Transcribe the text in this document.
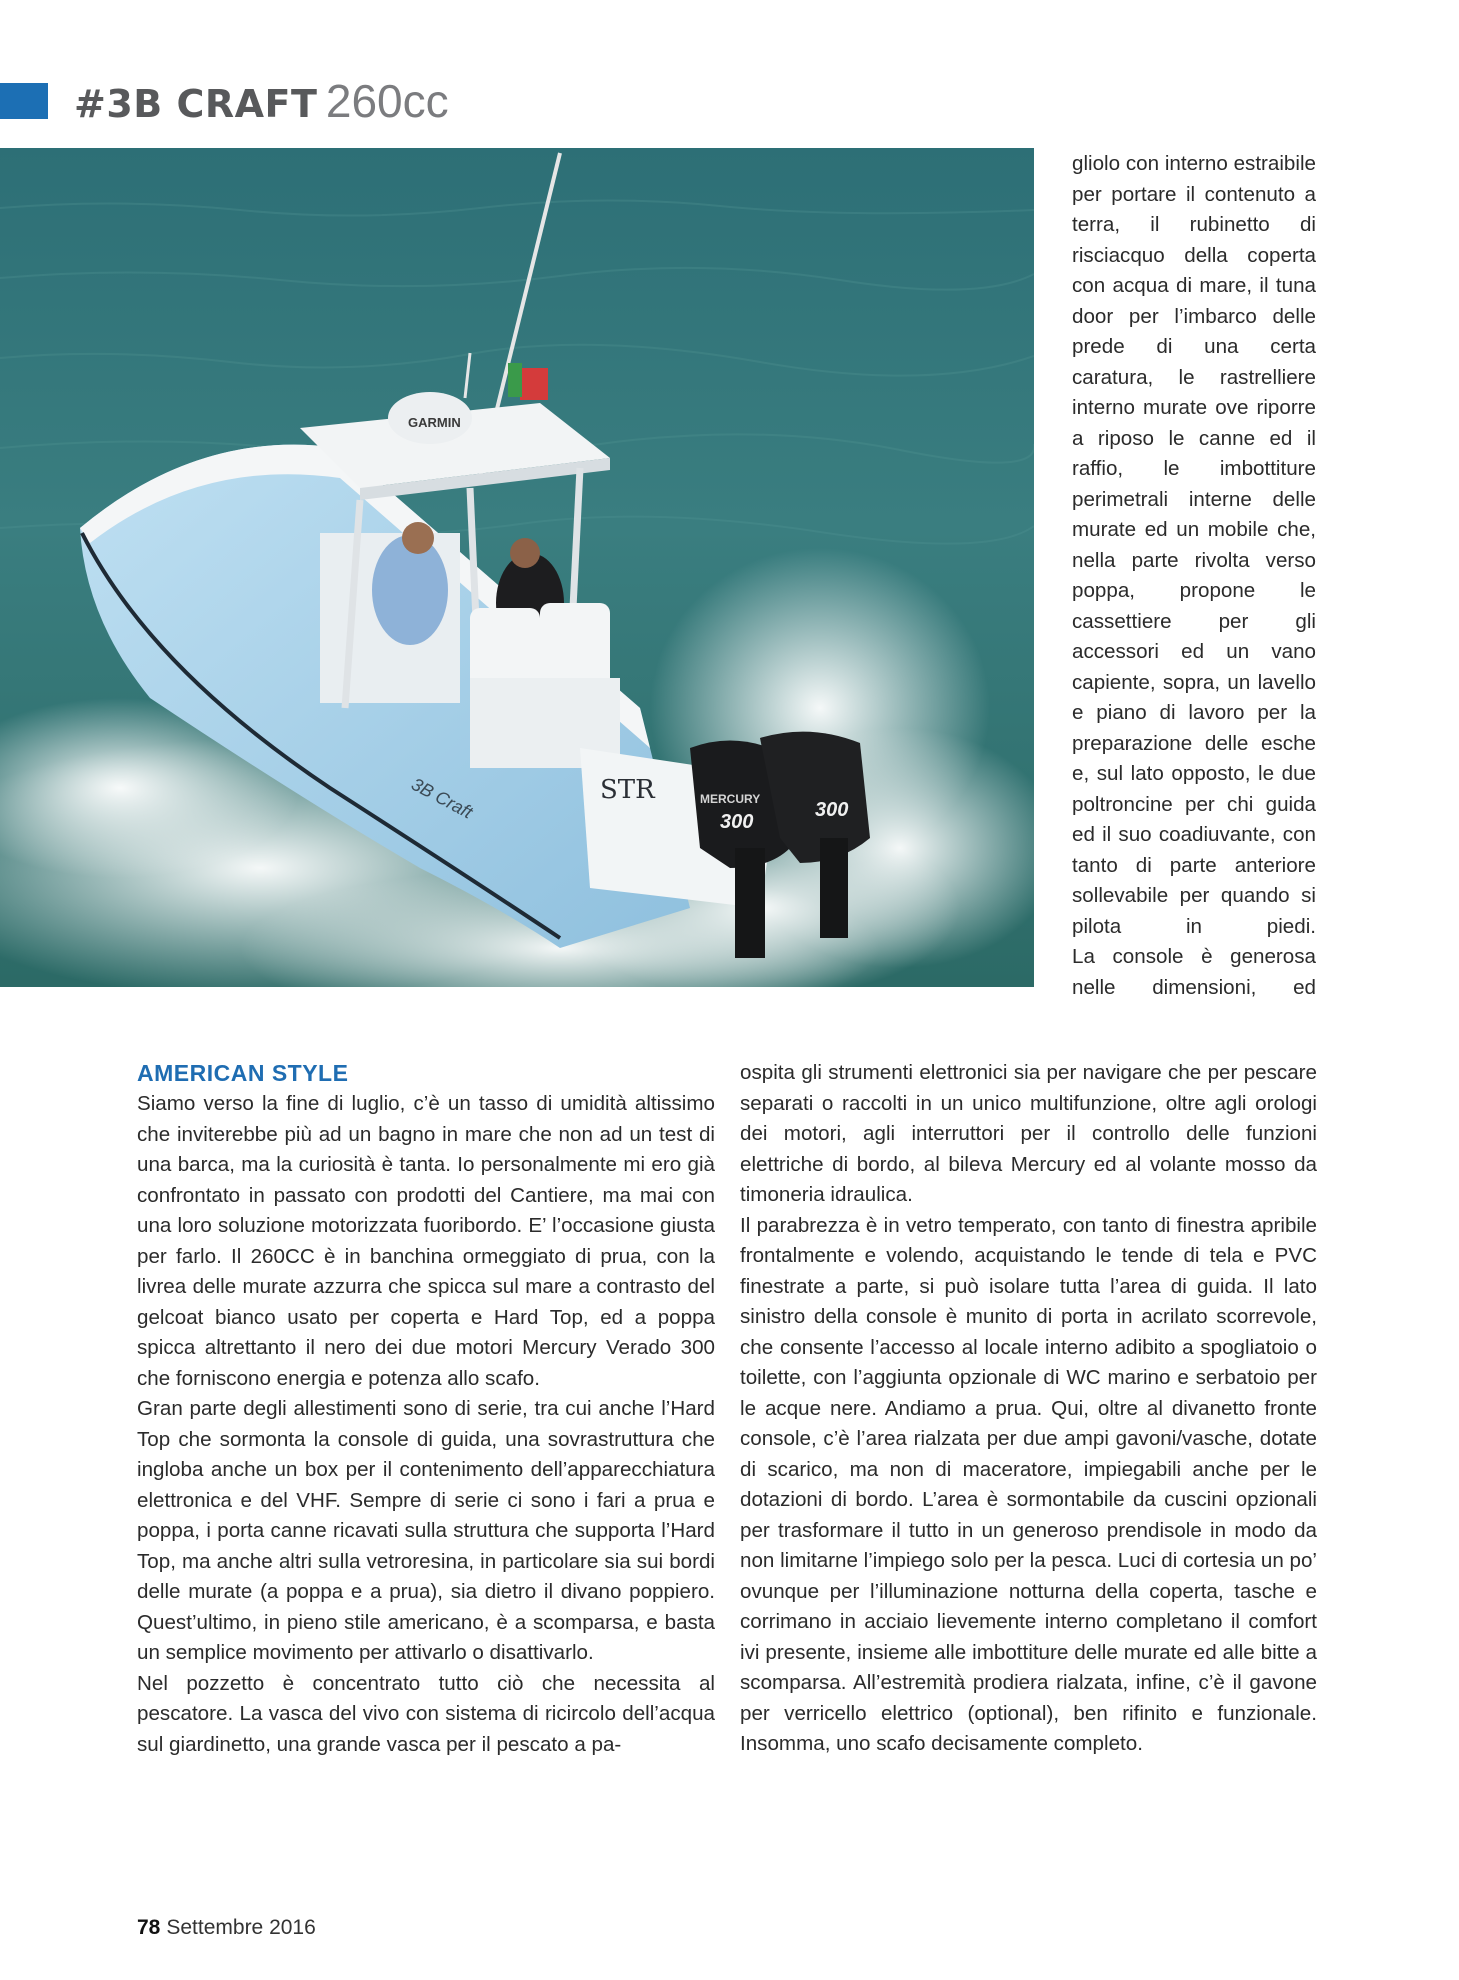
#3B CRAFT 260cc
3B Craft
GARMIN
STR	MERCURY
300
300

gliolo con interno estraibile per portare il contenuto a terra, il rubinetto di risciacquo della coperta con acqua di mare, il tuna door per l’imbarco delle prede di una certa caratura, le rastrelliere interno murate ove riporre a riposo le canne ed il raffio, le imbottiture perimetrali interne delle murate ed un mobile che, nella parte rivolta verso poppa, propone le cassettiere per gli accessori ed un vano capiente, sopra, un lavello e piano di lavoro per la preparazione delle esche e, sul lato opposto, le due poltroncine per chi guida ed il suo coadiuvante, con tanto di parte anteriore sollevabile per quando si pilota in piedi.

La console è generosa nelle dimensioni, ed

AMERICAN STYLE

Siamo verso la fine di luglio, c’è un tasso di umidità altissimo che inviterebbe più ad un bagno in mare che non ad un test di una barca, ma la curiosità è tanta. Io personalmente mi ero già confrontato in passato con prodotti del Cantiere, ma mai con una loro soluzione motorizzata fuoribordo. E’ l’occasione giusta per farlo. Il 260CC è in banchina ormeggiato di prua, con la livrea delle murate azzurra che spicca sul mare a contrasto del gelcoat bianco usato per coperta e Hard Top, ed a poppa spicca altrettanto il nero dei due motori Mercury Verado 300 che forniscono energia e potenza allo scafo.

Gran parte degli allestimenti sono di serie, tra cui anche l’Hard Top che sormonta la console di guida, una sovrastruttura che ingloba anche un box per il contenimento dell’apparecchiatura elettronica e del VHF. Sempre di serie ci sono i fari a prua e poppa, i porta canne ricavati sulla struttura che supporta l’Hard Top, ma anche altri sulla vetroresina, in particolare sia sui bordi delle murate (a poppa e a prua), sia dietro il divano poppiero. Quest’ultimo, in pieno stile americano, è a scomparsa, e basta un semplice movimento per attivarlo o disattivarlo.

Nel pozzetto è concentrato tutto ciò che necessita al pescatore. La vasca del vivo con sistema di ricircolo dell’acqua sul giardinetto, una grande vasca per il pescato a pa-

ospita gli strumenti elettronici sia per navigare che per pescare separati o raccolti in un unico multifunzione, oltre agli orologi dei motori, agli interruttori per il controllo delle funzioni elettriche di bordo, al bileva Mercury ed al volante mosso da timoneria idraulica.

Il parabrezza è in vetro temperato, con tanto di finestra apribile frontalmente e volendo, acquistando le tende di tela e PVC finestrate a parte, si può isolare tutta l’area di guida. Il lato sinistro della console è munito di porta in acrilato scorrevole, che consente l’accesso al locale interno adibito a spogliatoio o toilette, con l’aggiunta opzionale di WC marino e serbatoio per le acque nere. Andiamo a prua. Qui, oltre al divanetto fronte console, c’è l’area rialzata per due ampi gavoni/vasche, dotate di scarico, ma non di maceratore, impiegabili anche per le dotazioni di bordo. L’area è sormontabile da cuscini opzionali per trasformare il tutto in un generoso prendisole in modo da non limitarne l’impiego solo per la pesca. Luci di cortesia un po’ ovunque per l’illuminazione notturna della coperta, tasche e corrimano in acciaio lievemente interno completano il comfort ivi presente, insieme alle imbottiture delle murate ed alle bitte a scomparsa. All’estremità prodiera rialzata, infine, c’è il gavone per verricello elettrico (optional), ben rifinito e funzionale. Insomma, uno scafo decisamente completo.

78 Settembre 2016
